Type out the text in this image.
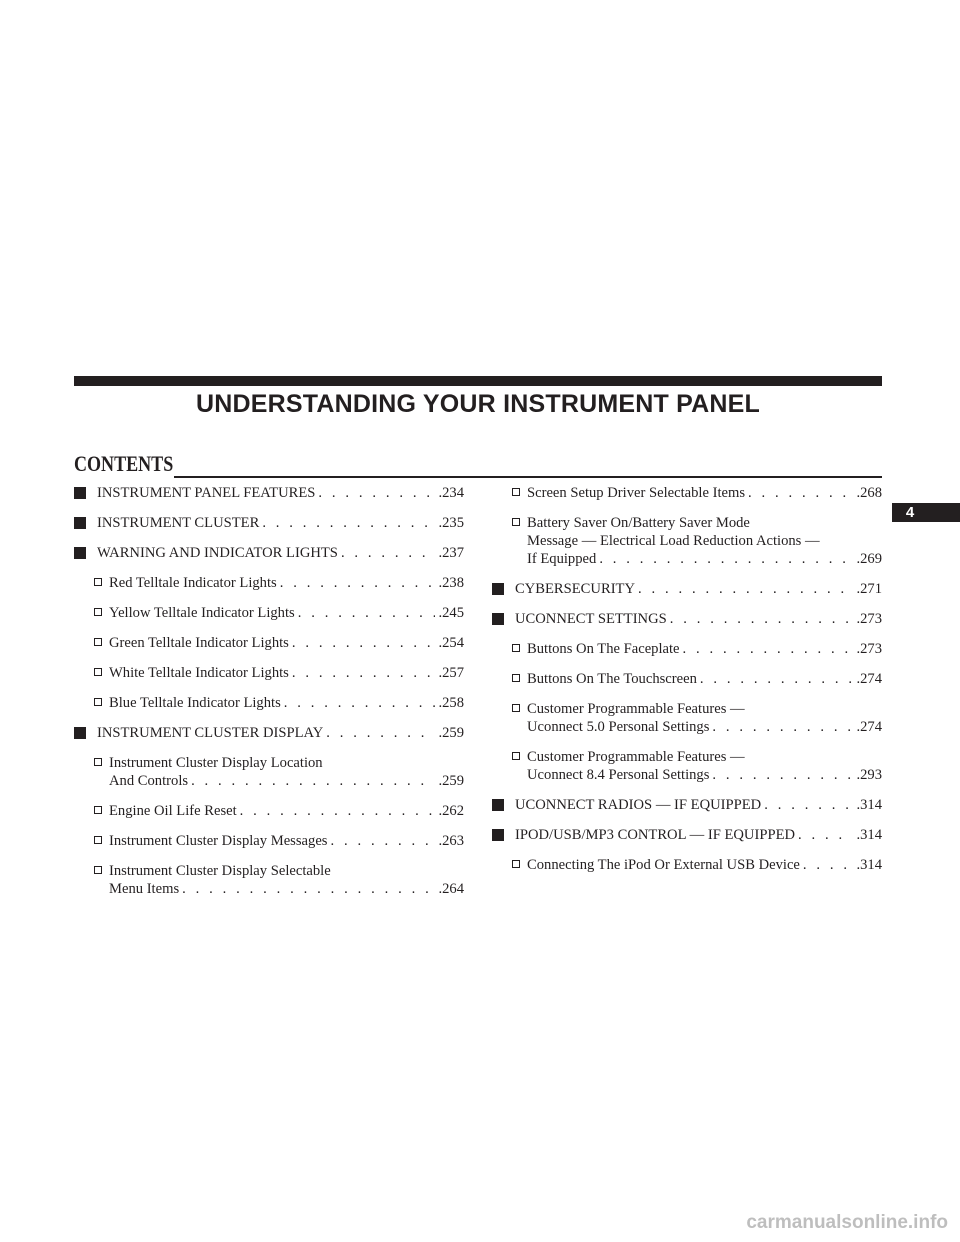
UNDERSTANDING YOUR INSTRUMENT PANEL
CONTENTS
INSTRUMENT PANEL FEATURES . . .	.234
INSTRUMENT CLUSTER . . .	.235
WARNING AND INDICATOR LIGHTS . . .	.237
Red Telltale Indicator Lights . . .	.238
Yellow Telltale Indicator Lights . . .	.245
Green Telltale Indicator Lights . . .	.254
White Telltale Indicator Lights . . .	.257
Blue Telltale Indicator Lights . . .	.258
INSTRUMENT CLUSTER DISPLAY . . .	.259
Instrument Cluster Display Location
And Controls . . .	.259
Engine Oil Life Reset . . .	.262
Instrument Cluster Display Messages . . .	.263
Instrument Cluster Display Selectable
Menu Items . . .	.264
Screen Setup Driver Selectable Items . . .	.268
Battery Saver On/Battery Saver Mode
Message — Electrical Load Reduction Actions —
If Equipped . . .	.269
CYBERSECURITY . . .	.271
UCONNECT SETTINGS . . .	.273
Buttons On The Faceplate . . .	.273
Buttons On The Touchscreen . . .	.274
Customer Programmable Features —
Uconnect 5.0 Personal Settings . . .	.274
Customer Programmable Features —
Uconnect 8.4 Personal Settings . . .	.293
UCONNECT RADIOS — IF EQUIPPED . . .	.314
IPOD/USB/MP3 CONTROL — IF EQUIPPED . . .	.314
Connecting The iPod Or External USB Device . . .	.314
4
carmanualsonline.info
